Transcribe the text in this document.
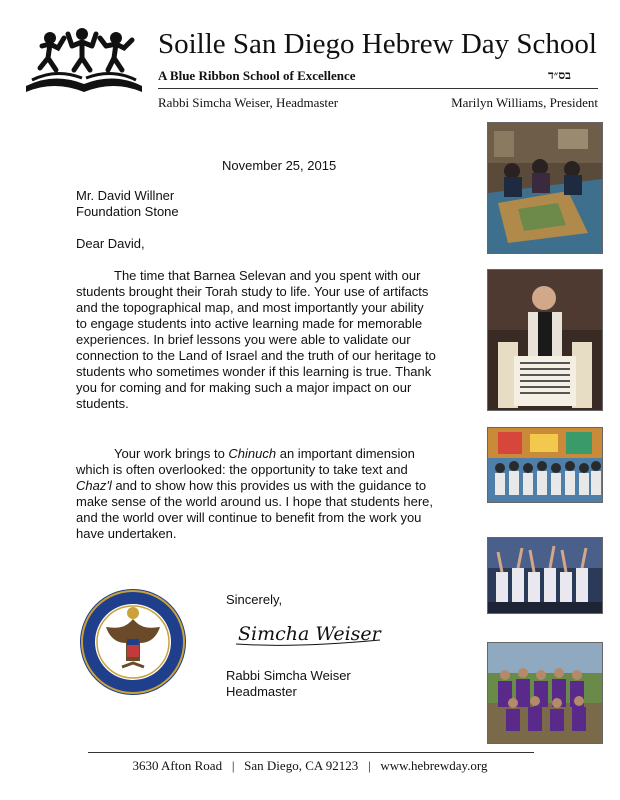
Soille San Diego Hebrew Day School
A Blue Ribbon School of Excellence	בס״ד
Rabbi Simcha Weiser, Headmaster	Marilyn Williams, President
November 25, 2015
Mr. David Willner
Foundation Stone
Dear David,
The time that Barnea Selevan and you spent with our students brought their Torah study to life. Your use of artifacts and the topographical map, and most importantly your ability to engage students into active learning made for memorable experiences. In brief lessons you were able to validate our connection to the Land of Israel and the truth of our heritage to students who sometimes wonder if this learning is true. Thank you for coming and for making such a major impact on our students.
Your work brings to Chinuch an important dimension which is often overlooked: the opportunity to take text and Chaz'l and to show how this provides us with the guidance to make sense of the world around us. I hope that students here, and the world over will continue to benefit from the work you have undertaken.
Sincerely,
Simcha Weiser
Rabbi Simcha Weiser
Headmaster
3630 Afton Road   |   San Diego, CA 92123   |   www.hebrewday.org
